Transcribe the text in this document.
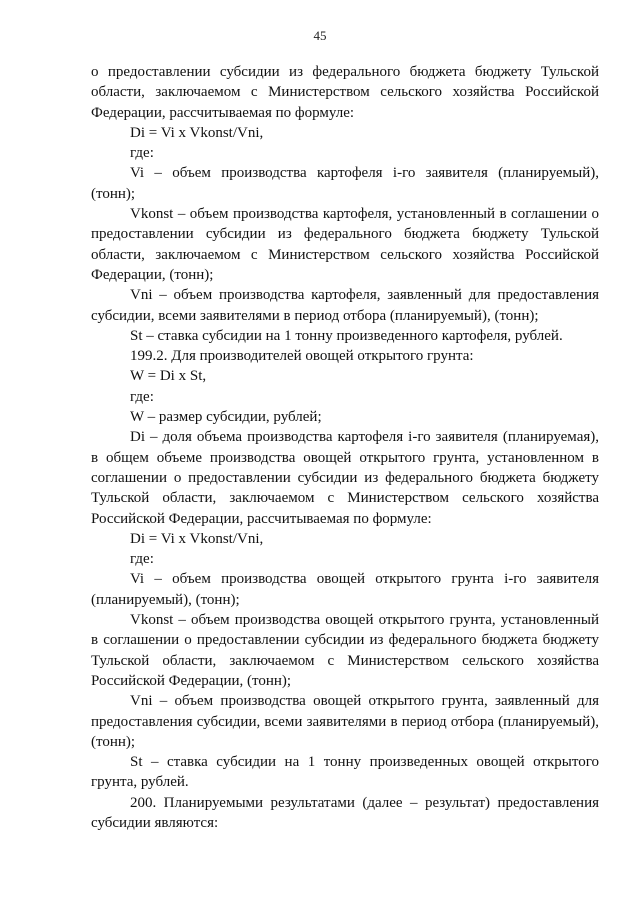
45

о предоставлении субсидии из федерального бюджета бюджету Тульской области, заключаемом с Министерством сельского хозяйства Российской Федерации, рассчитываемая по формуле:

Di = Vi x Vkonst/Vni,

где:

Vi – объем производства картофеля i-го заявителя (планируемый), (тонн);

Vkonst – объем производства картофеля, установленный в соглашении о предоставлении субсидии из федерального бюджета бюджету Тульской области, заключаемом с Министерством сельского хозяйства Российской Федерации, (тонн);

Vni – объем производства картофеля, заявленный для предоставления субсидии, всеми заявителями в период отбора (планируемый), (тонн);

St – ставка субсидии на 1 тонну произведенного картофеля, рублей.

199.2. Для производителей овощей открытого грунта:

W = Di x St,

где:

W – размер субсидии, рублей;

Di – доля объема производства картофеля i-го заявителя (планируемая), в общем объеме производства овощей открытого грунта, установленном в соглашении о предоставлении субсидии из федерального бюджета бюджету Тульской области, заключаемом с Министерством сельского хозяйства Российской Федерации, рассчитываемая по формуле:

Di = Vi x Vkonst/Vni,

где:

Vi – объем производства овощей открытого грунта i-го заявителя (планируемый), (тонн);

Vkonst – объем производства овощей открытого грунта, установленный в соглашении о предоставлении субсидии из федерального бюджета бюджету Тульской области, заключаемом с Министерством сельского хозяйства Российской Федерации, (тонн);

Vni – объем производства овощей открытого грунта, заявленный для предоставления субсидии, всеми заявителями в период отбора (планируемый), (тонн);

St – ставка субсидии на 1 тонну произведенных овощей открытого грунта, рублей.

200. Планируемыми результатами (далее – результат) предоставления субсидии являются:
